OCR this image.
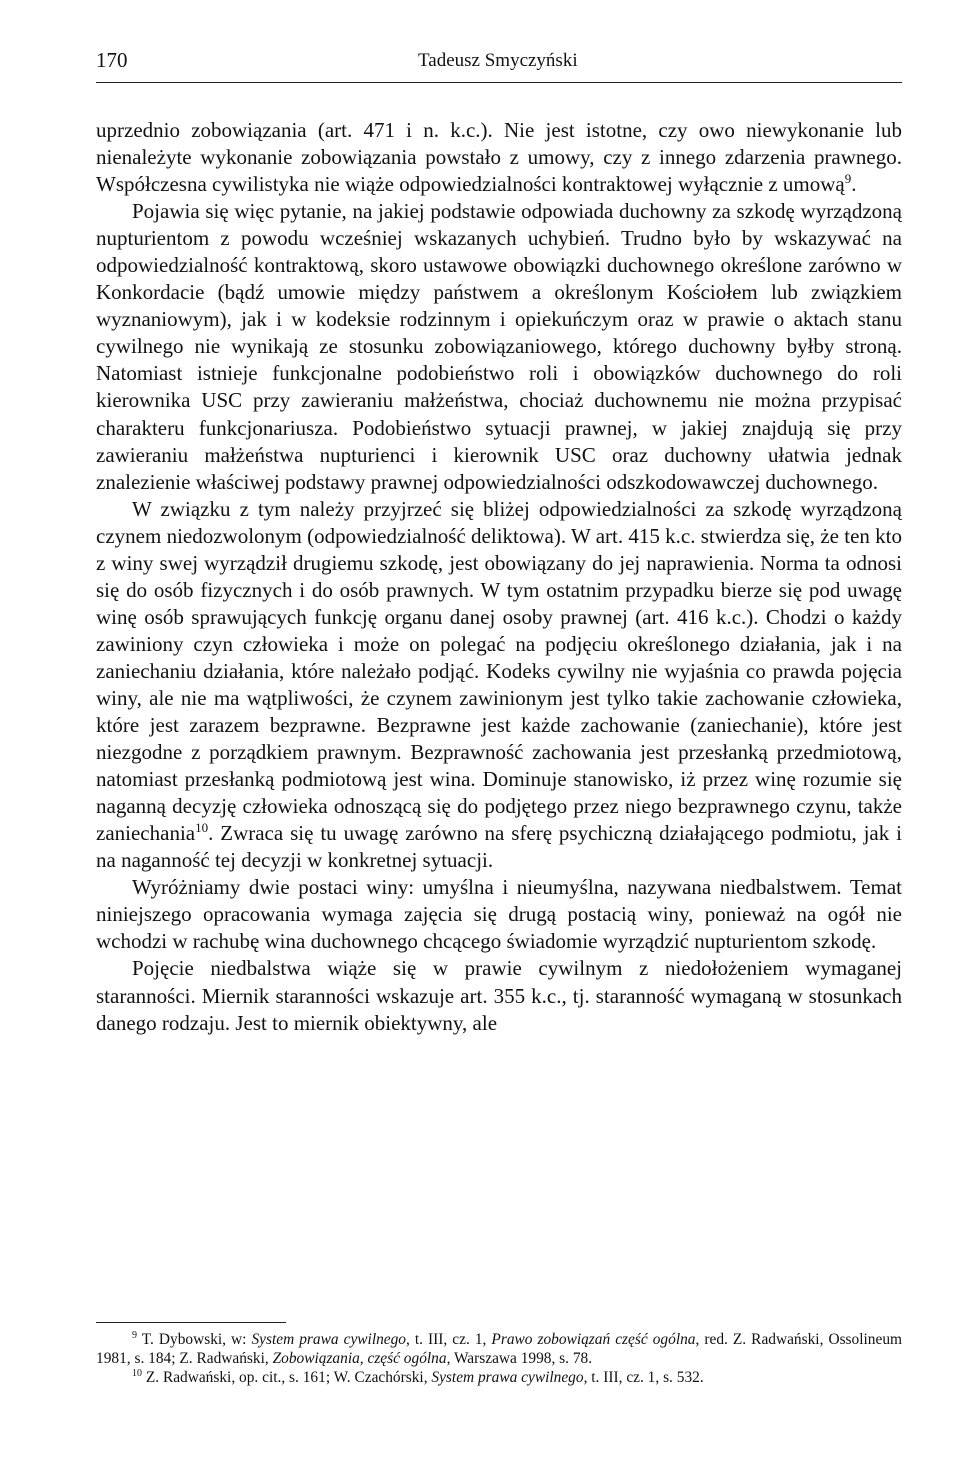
170	Tadeusz Smyczyński

uprzednio zobowiązania (art. 471 i n. k.c.). Nie jest istotne, czy owo niewykonanie lub nienależyte wykonanie zobowiązania powstało z umowy, czy z innego zdarzenia prawnego. Współczesna cywilistyka nie wiąże odpowiedzialności kontraktowej wyłącznie z umową$^9$.

Pojawia się więc pytanie, na jakiej podstawie odpowiada duchowny za szkodę wyrządzoną nupturientom z powodu wcześniej wskazanych uchybień. Trudno było by wskazywać na odpowiedzialność kontraktową, skoro ustawowe obowiązki duchownego określone zarówno w Konkordacie (bądź umowie między państwem a określonym Kościołem lub związkiem wyznaniowym), jak i w kodeksie rodzinnym i opiekuńczym oraz w prawie o aktach stanu cywilnego nie wynikają ze stosunku zobowiązaniowego, którego duchowny byłby stroną. Natomiast istnieje funkcjonalne podobieństwo roli i obowiązków duchownego do roli kierownika USC przy zawieraniu małżeństwa, chociaż duchownemu nie można przypisać charakteru funkcjonariusza. Podobieństwo sytuacji prawnej, w jakiej znajdują się przy zawieraniu małżeństwa nupturienci i kierownik USC oraz duchowny ułatwia jednak znalezienie właściwej podstawy prawnej odpowiedzialności odszkodowawczej duchownego.

W związku z tym należy przyjrzeć się bliżej odpowiedzialności za szkodę wyrządzoną czynem niedozwolonym (odpowiedzialność deliktowa). W art. 415 k.c. stwierdza się, że ten kto z winy swej wyrządził drugiemu szkodę, jest obowiązany do jej naprawienia. Norma ta odnosi się do osób fizycznych i do osób prawnych. W tym ostatnim przypadku bierze się pod uwagę winę osób sprawujących funkcję organu danej osoby prawnej (art. 416 k.c.). Chodzi o każdy zawiniony czyn człowieka i może on polegać na podjęciu określonego działania, jak i na zaniechaniu działania, które należało podjąć. Kodeks cywilny nie wyjaśnia co prawda pojęcia winy, ale nie ma wątpliwości, że czynem zawinionym jest tylko takie zachowanie człowieka, które jest zarazem bezprawne. Bezprawne jest każde zachowanie (zaniechanie), które jest niezgodne z porządkiem prawnym. Bezprawność zachowania jest przesłanką przedmiotową, natomiast przesłanką podmiotową jest wina. Dominuje stanowisko, iż przez winę rozumie się naganną decyzję człowieka odnoszącą się do podjętego przez niego bezprawnego czynu, także zaniechania$^{10}$. Zwraca się tu uwagę zarówno na sferę psychiczną działającego podmiotu, jak i na naganność tej decyzji w konkretnej sytuacji.

Wyróżniamy dwie postaci winy: umyślna i nieumyślna, nazywana niedbalstwem. Temat niniejszego opracowania wymaga zajęcia się drugą postacią winy, ponieważ na ogół nie wchodzi w rachubę wina duchownego chcącego świadomie wyrządzić nupturientom szkodę.

Pojęcie niedbalstwa wiąże się w prawie cywilnym z niedołożeniem wymaganej staranności. Miernik staranności wskazuje art. 355 k.c., tj. staranność wymaganą w stosunkach danego rodzaju. Jest to miernik obiektywny, ale

$^9$ T. Dybowski, w: System prawa cywilnego, t. III, cz. 1, Prawo zobowiązań część ogólna, red. Z. Radwański, Ossolineum 1981, s. 184; Z. Radwański, Zobowiązania, część ogólna, Warszawa 1998, s. 78.

$^{10}$ Z. Radwański, op. cit., s. 161; W. Czachórski, System prawa cywilnego, t. III, cz. 1, s. 532.
